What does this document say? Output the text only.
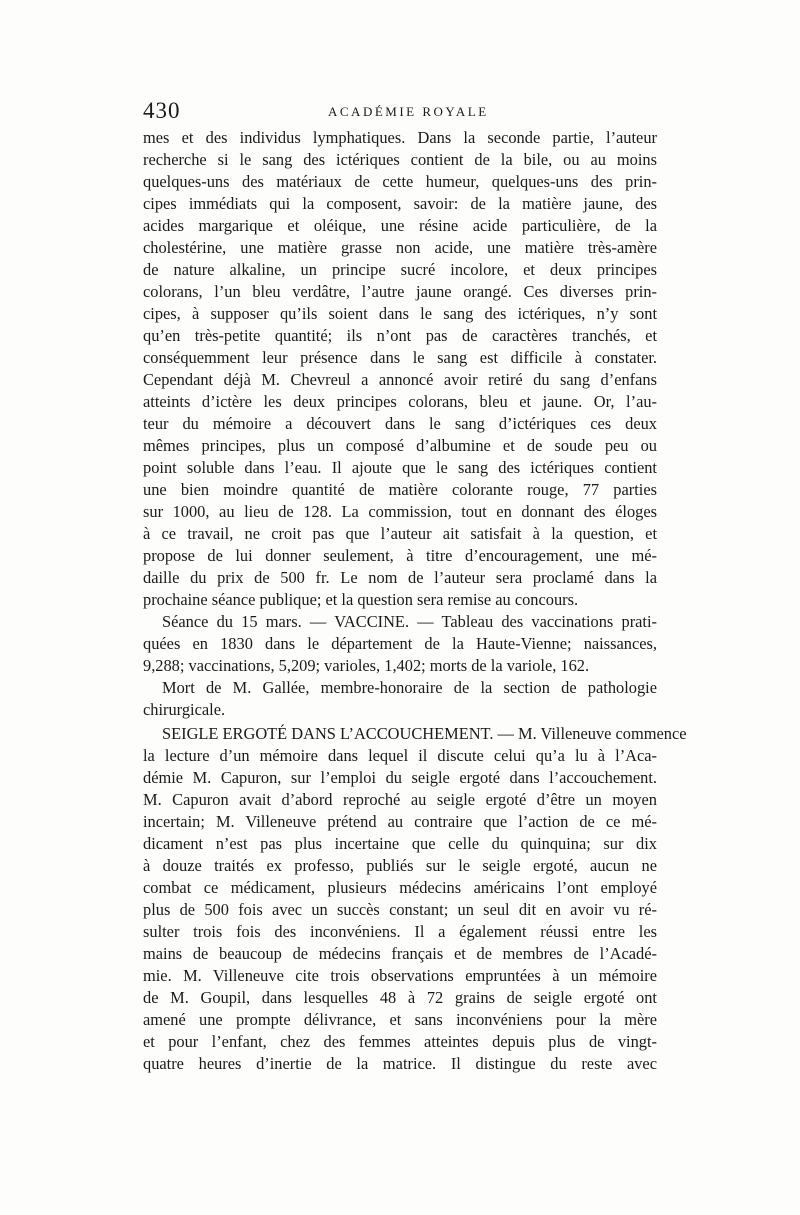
430	ACADÉMIE ROYALE
mes et des individus lymphatiques. Dans la seconde partie, l’auteur
recherche si le sang des ictériques contient de la bile, ou au moins
quelques-uns des matériaux de cette humeur, quelques-uns des prin-
cipes immédiats qui la composent, savoir: de la matière jaune, des
acides margarique et oléique, une résine acide particulière, de la
cholestérine, une matière grasse non acide, une matière très-amère
de nature alkaline, un principe sucré incolore, et deux principes
colorans, l’un bleu verdâtre, l’autre jaune orangé. Ces diverses prin-
cipes, à supposer qu’ils soient dans le sang des ictériques, n’y sont
qu’en très-petite quantité; ils n’ont pas de caractères tranchés, et
conséquemment leur présence dans le sang est difficile à constater.
Cependant déjà M. Chevreul a annoncé avoir retiré du sang d’enfans
atteints d’ictère les deux principes colorans, bleu et jaune. Or, l’au-
teur du mémoire a découvert dans le sang d’ictériques ces deux
mêmes principes, plus un composé d’albumine et de soude peu ou
point soluble dans l’eau. Il ajoute que le sang des ictériques contient
une bien moindre quantité de matière colorante rouge, 77 parties
sur 1000, au lieu de 128. La commission, tout en donnant des éloges
à ce travail, ne croit pas que l’auteur ait satisfait à la question, et
propose de lui donner seulement, à titre d’encouragement, une mé-
daille du prix de 500 fr. Le nom de l’auteur sera proclamé dans la
prochaine séance publique; et la question sera remise au concours.
Séance du 15 mars. — VACCINE. — Tableau des vaccinations prati-
quées en 1830 dans le département de la Haute-Vienne; naissances,
9,288; vaccinations, 5,209; varioles, 1,402; morts de la variole, 162.
Mort de M. Gallée, membre-honoraire de la section de pathologie
chirurgicale.
SEIGLE ERGOTÉ DANS L’ACCOUCHEMENT. — M. Villeneuve commence
la lecture d’un mémoire dans lequel il discute celui qu’a lu à l’Aca-
démie M. Capuron, sur l’emploi du seigle ergoté dans l’accouchement.
M. Capuron avait d’abord reproché au seigle ergoté d’être un moyen
incertain; M. Villeneuve prétend au contraire que l’action de ce mé-
dicament n’est pas plus incertaine que celle du quinquina; sur dix
à douze traités ex professo, publiés sur le seigle ergoté, aucun ne
combat ce médicament, plusieurs médecins américains l’ont employé
plus de 500 fois avec un succès constant; un seul dit en avoir vu ré-
sulter trois fois des inconvéniens. Il a également réussi entre les
mains de beaucoup de médecins français et de membres de l’Acadé-
mie. M. Villeneuve cite trois observations empruntées à un mémoire
de M. Goupil, dans lesquelles 48 à 72 grains de seigle ergoté ont
amené une prompte délivrance, et sans inconvéniens pour la mère
et pour l’enfant, chez des femmes atteintes depuis plus de vingt-
quatre heures d’inertie de la matrice. Il distingue du reste avec
